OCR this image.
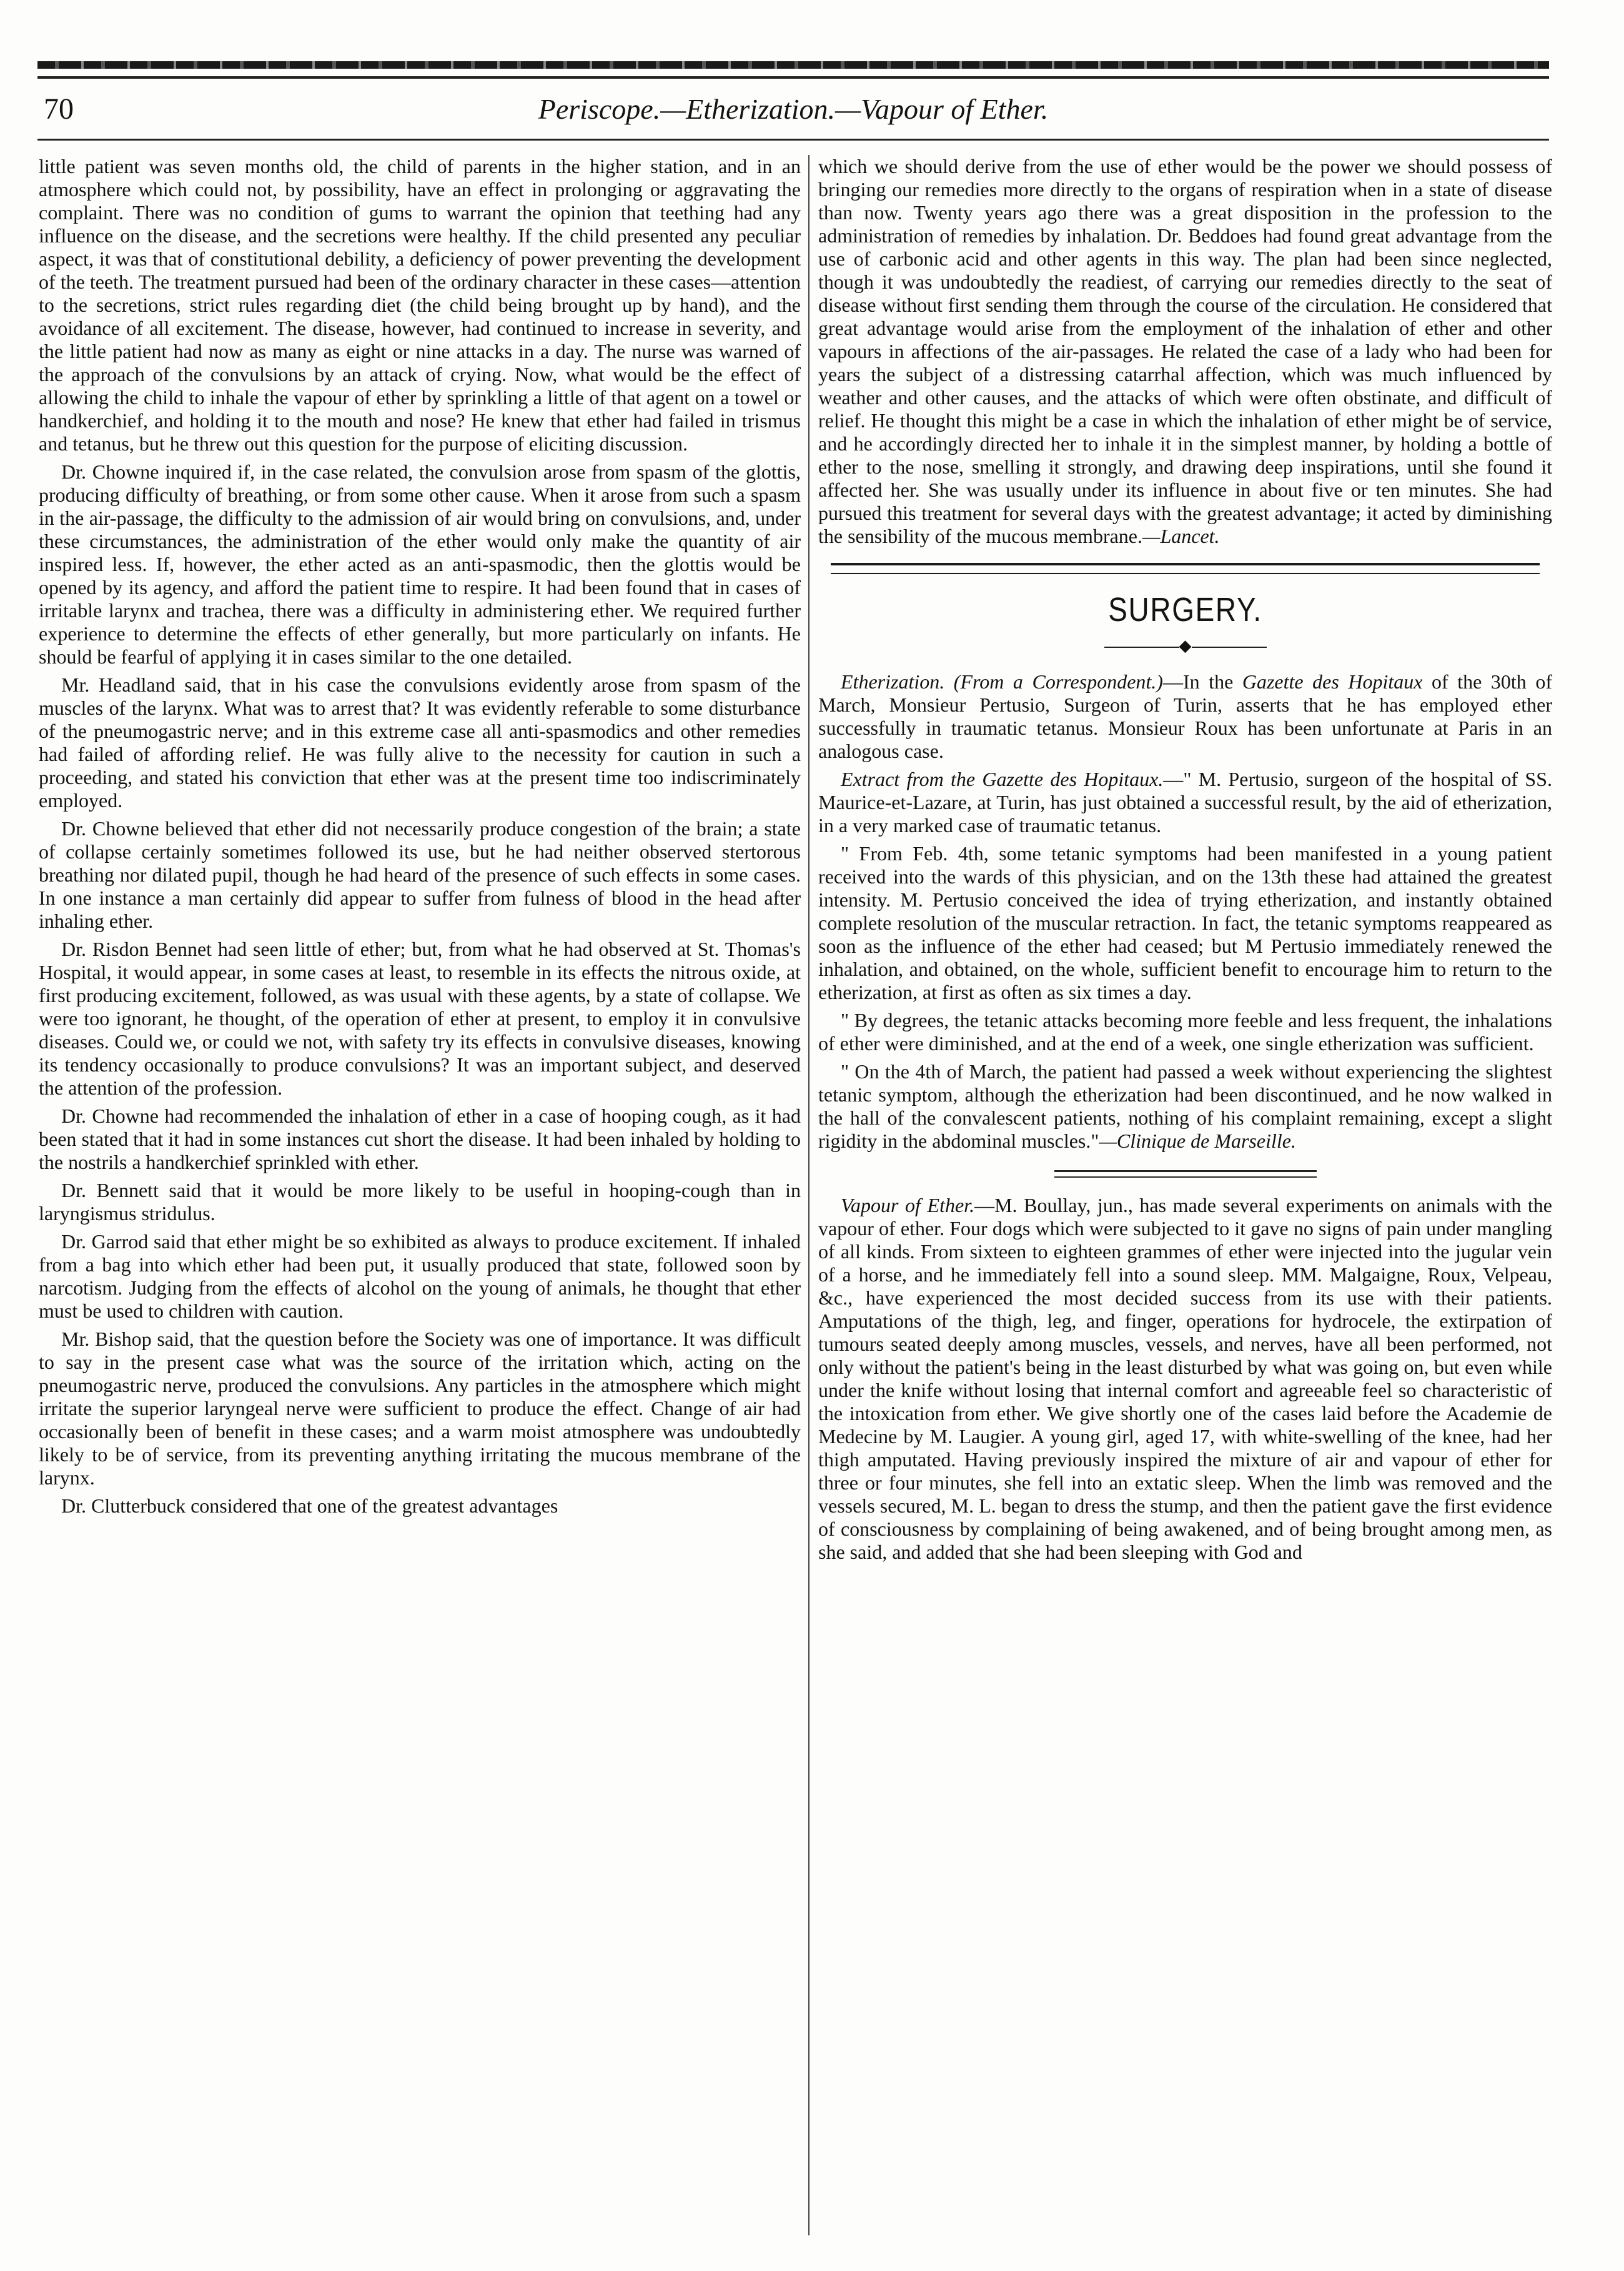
Periscope.—Etherization.—Vapour of Ether.
70

little patient was seven months old, the child of parents in the higher station, and in an atmosphere which could not, by possibility, have an effect in prolonging or aggravating the complaint. There was no condition of gums to warrant the opinion that teething had any influence on the disease, and the secretions were healthy. If the child presented any peculiar aspect, it was that of constitutional debility, a deficiency of power preventing the development of the teeth. The treatment pursued had been of the ordinary character in these cases—attention to the secretions, strict rules regarding diet (the child being brought up by hand), and the avoidance of all excitement. The disease, however, had continued to increase in severity, and the little patient had now as many as eight or nine attacks in a day. The nurse was warned of the approach of the convulsions by an attack of crying. Now, what would be the effect of allowing the child to inhale the vapour of ether by sprinkling a little of that agent on a towel or handkerchief, and holding it to the mouth and nose? He knew that ether had failed in trismus and tetanus, but he threw out this question for the purpose of eliciting discussion.

Dr. Chowne inquired if, in the case related, the convulsion arose from spasm of the glottis, producing difficulty of breathing, or from some other cause. When it arose from such a spasm in the air-passage, the difficulty to the admission of air would bring on convulsions, and, under these circumstances, the administration of the ether would only make the quantity of air inspired less. If, however, the ether acted as an anti-spasmodic, then the glottis would be opened by its agency, and afford the patient time to respire. It had been found that in cases of irritable larynx and trachea, there was a difficulty in administering ether. We required further experience to determine the effects of ether generally, but more particularly on infants. He should be fearful of applying it in cases similar to the one detailed.

Mr. Headland said, that in his case the convulsions evidently arose from spasm of the muscles of the larynx. What was to arrest that? It was evidently referable to some disturbance of the pneumogastric nerve; and in this extreme case all anti-spasmodics and other remedies had failed of affording relief. He was fully alive to the necessity for caution in such a proceeding, and stated his conviction that ether was at the present time too indiscriminately employed.

Dr. Chowne believed that ether did not necessarily produce congestion of the brain; a state of collapse certainly sometimes followed its use, but he had neither observed stertorous breathing nor dilated pupil, though he had heard of the presence of such effects in some cases. In one instance a man certainly did appear to suffer from fulness of blood in the head after inhaling ether.

Dr. Risdon Bennet had seen little of ether; but, from what he had observed at St. Thomas's Hospital, it would appear, in some cases at least, to resemble in its effects the nitrous oxide, at first producing excitement, followed, as was usual with these agents, by a state of collapse. We were too ignorant, he thought, of the operation of ether at present, to employ it in convulsive diseases. Could we, or could we not, with safety try its effects in convulsive diseases, knowing its tendency occasionally to produce convulsions? It was an important subject, and deserved the attention of the profession.

Dr. Chowne had recommended the inhalation of ether in a case of hooping cough, as it had been stated that it had in some instances cut short the disease. It had been inhaled by holding to the nostrils a handkerchief sprinkled with ether.

Dr. Bennett said that it would be more likely to be useful in hooping-cough than in laryngismus stridulus.

Dr. Garrod said that ether might be so exhibited as always to produce excitement. If inhaled from a bag into which ether had been put, it usually produced that state, followed soon by narcotism. Judging from the effects of alcohol on the young of animals, he thought that ether must be used to children with caution.

Mr. Bishop said, that the question before the Society was one of importance. It was difficult to say in the present case what was the source of the irritation which, acting on the pneumogastric nerve, produced the convulsions. Any particles in the atmosphere which might irritate the superior laryngeal nerve were sufficient to produce the effect. Change of air had occasionally been of benefit in these cases; and a warm moist atmosphere was undoubtedly likely to be of service, from its preventing anything irritating the mucous membrane of the larynx.

Dr. Clutterbuck considered that one of the greatest advantages

which we should derive from the use of ether would be the power we should possess of bringing our remedies more directly to the organs of respiration when in a state of disease than now. Twenty years ago there was a great disposition in the profession to the administration of remedies by inhalation. Dr. Beddoes had found great advantage from the use of carbonic acid and other agents in this way. The plan had been since neglected, though it was undoubtedly the readiest, of carrying our remedies directly to the seat of disease without first sending them through the course of the circulation. He considered that great advantage would arise from the employment of the inhalation of ether and other vapours in affections of the air-passages. He related the case of a lady who had been for years the subject of a distressing catarrhal affection, which was much influenced by weather and other causes, and the attacks of which were often obstinate, and difficult of relief. He thought this might be a case in which the inhalation of ether might be of service, and he accordingly directed her to inhale it in the simplest manner, by holding a bottle of ether to the nose, smelling it strongly, and drawing deep inspirations, until she found it affected her. She was usually under its influence in about five or ten minutes. She had pursued this treatment for several days with the greatest advantage; it acted by diminishing the sensibility of the mucous membrane.—Lancet.

SURGERY.
◆

Etherization. (From a Correspondent.)—In the Gazette des Hopitaux of the 30th of March, Monsieur Pertusio, Surgeon of Turin, asserts that he has employed ether successfully in traumatic tetanus. Monsieur Roux has been unfortunate at Paris in an analogous case.

Extract from the Gazette des Hopitaux.—" M. Pertusio, surgeon of the hospital of SS. Maurice-et-Lazare, at Turin, has just obtained a successful result, by the aid of etherization, in a very marked case of traumatic tetanus.

" From Feb. 4th, some tetanic symptoms had been manifested in a young patient received into the wards of this physician, and on the 13th these had attained the greatest intensity. M. Pertusio conceived the idea of trying etherization, and instantly obtained complete resolution of the muscular retraction. In fact, the tetanic symptoms reappeared as soon as the influence of the ether had ceased; but M Pertusio immediately renewed the inhalation, and obtained, on the whole, sufficient benefit to encourage him to return to the etherization, at first as often as six times a day.

" By degrees, the tetanic attacks becoming more feeble and less frequent, the inhalations of ether were diminished, and at the end of a week, one single etherization was sufficient.

" On the 4th of March, the patient had passed a week without experiencing the slightest tetanic symptom, although the etherization had been discontinued, and he now walked in the hall of the convalescent patients, nothing of his complaint remaining, except a slight rigidity in the abdominal muscles."—Clinique de Marseille.

Vapour of Ether.—M. Boullay, jun., has made several experiments on animals with the vapour of ether. Four dogs which were subjected to it gave no signs of pain under mangling of all kinds. From sixteen to eighteen grammes of ether were injected into the jugular vein of a horse, and he immediately fell into a sound sleep. MM. Malgaigne, Roux, Velpeau, &c., have experienced the most decided success from its use with their patients. Amputations of the thigh, leg, and finger, operations for hydrocele, the extirpation of tumours seated deeply among muscles, vessels, and nerves, have all been performed, not only without the patient's being in the least disturbed by what was going on, but even while under the knife without losing that internal comfort and agreeable feel so characteristic of the intoxication from ether. We give shortly one of the cases laid before the Academie de Medecine by M. Laugier. A young girl, aged 17, with white-swelling of the knee, had her thigh amputated. Having previously inspired the mixture of air and vapour of ether for three or four minutes, she fell into an extatic sleep. When the limb was removed and the vessels secured, M. L. began to dress the stump, and then the patient gave the first evidence of consciousness by complaining of being awakened, and of being brought among men, as she said, and added that she had been sleeping with God and
